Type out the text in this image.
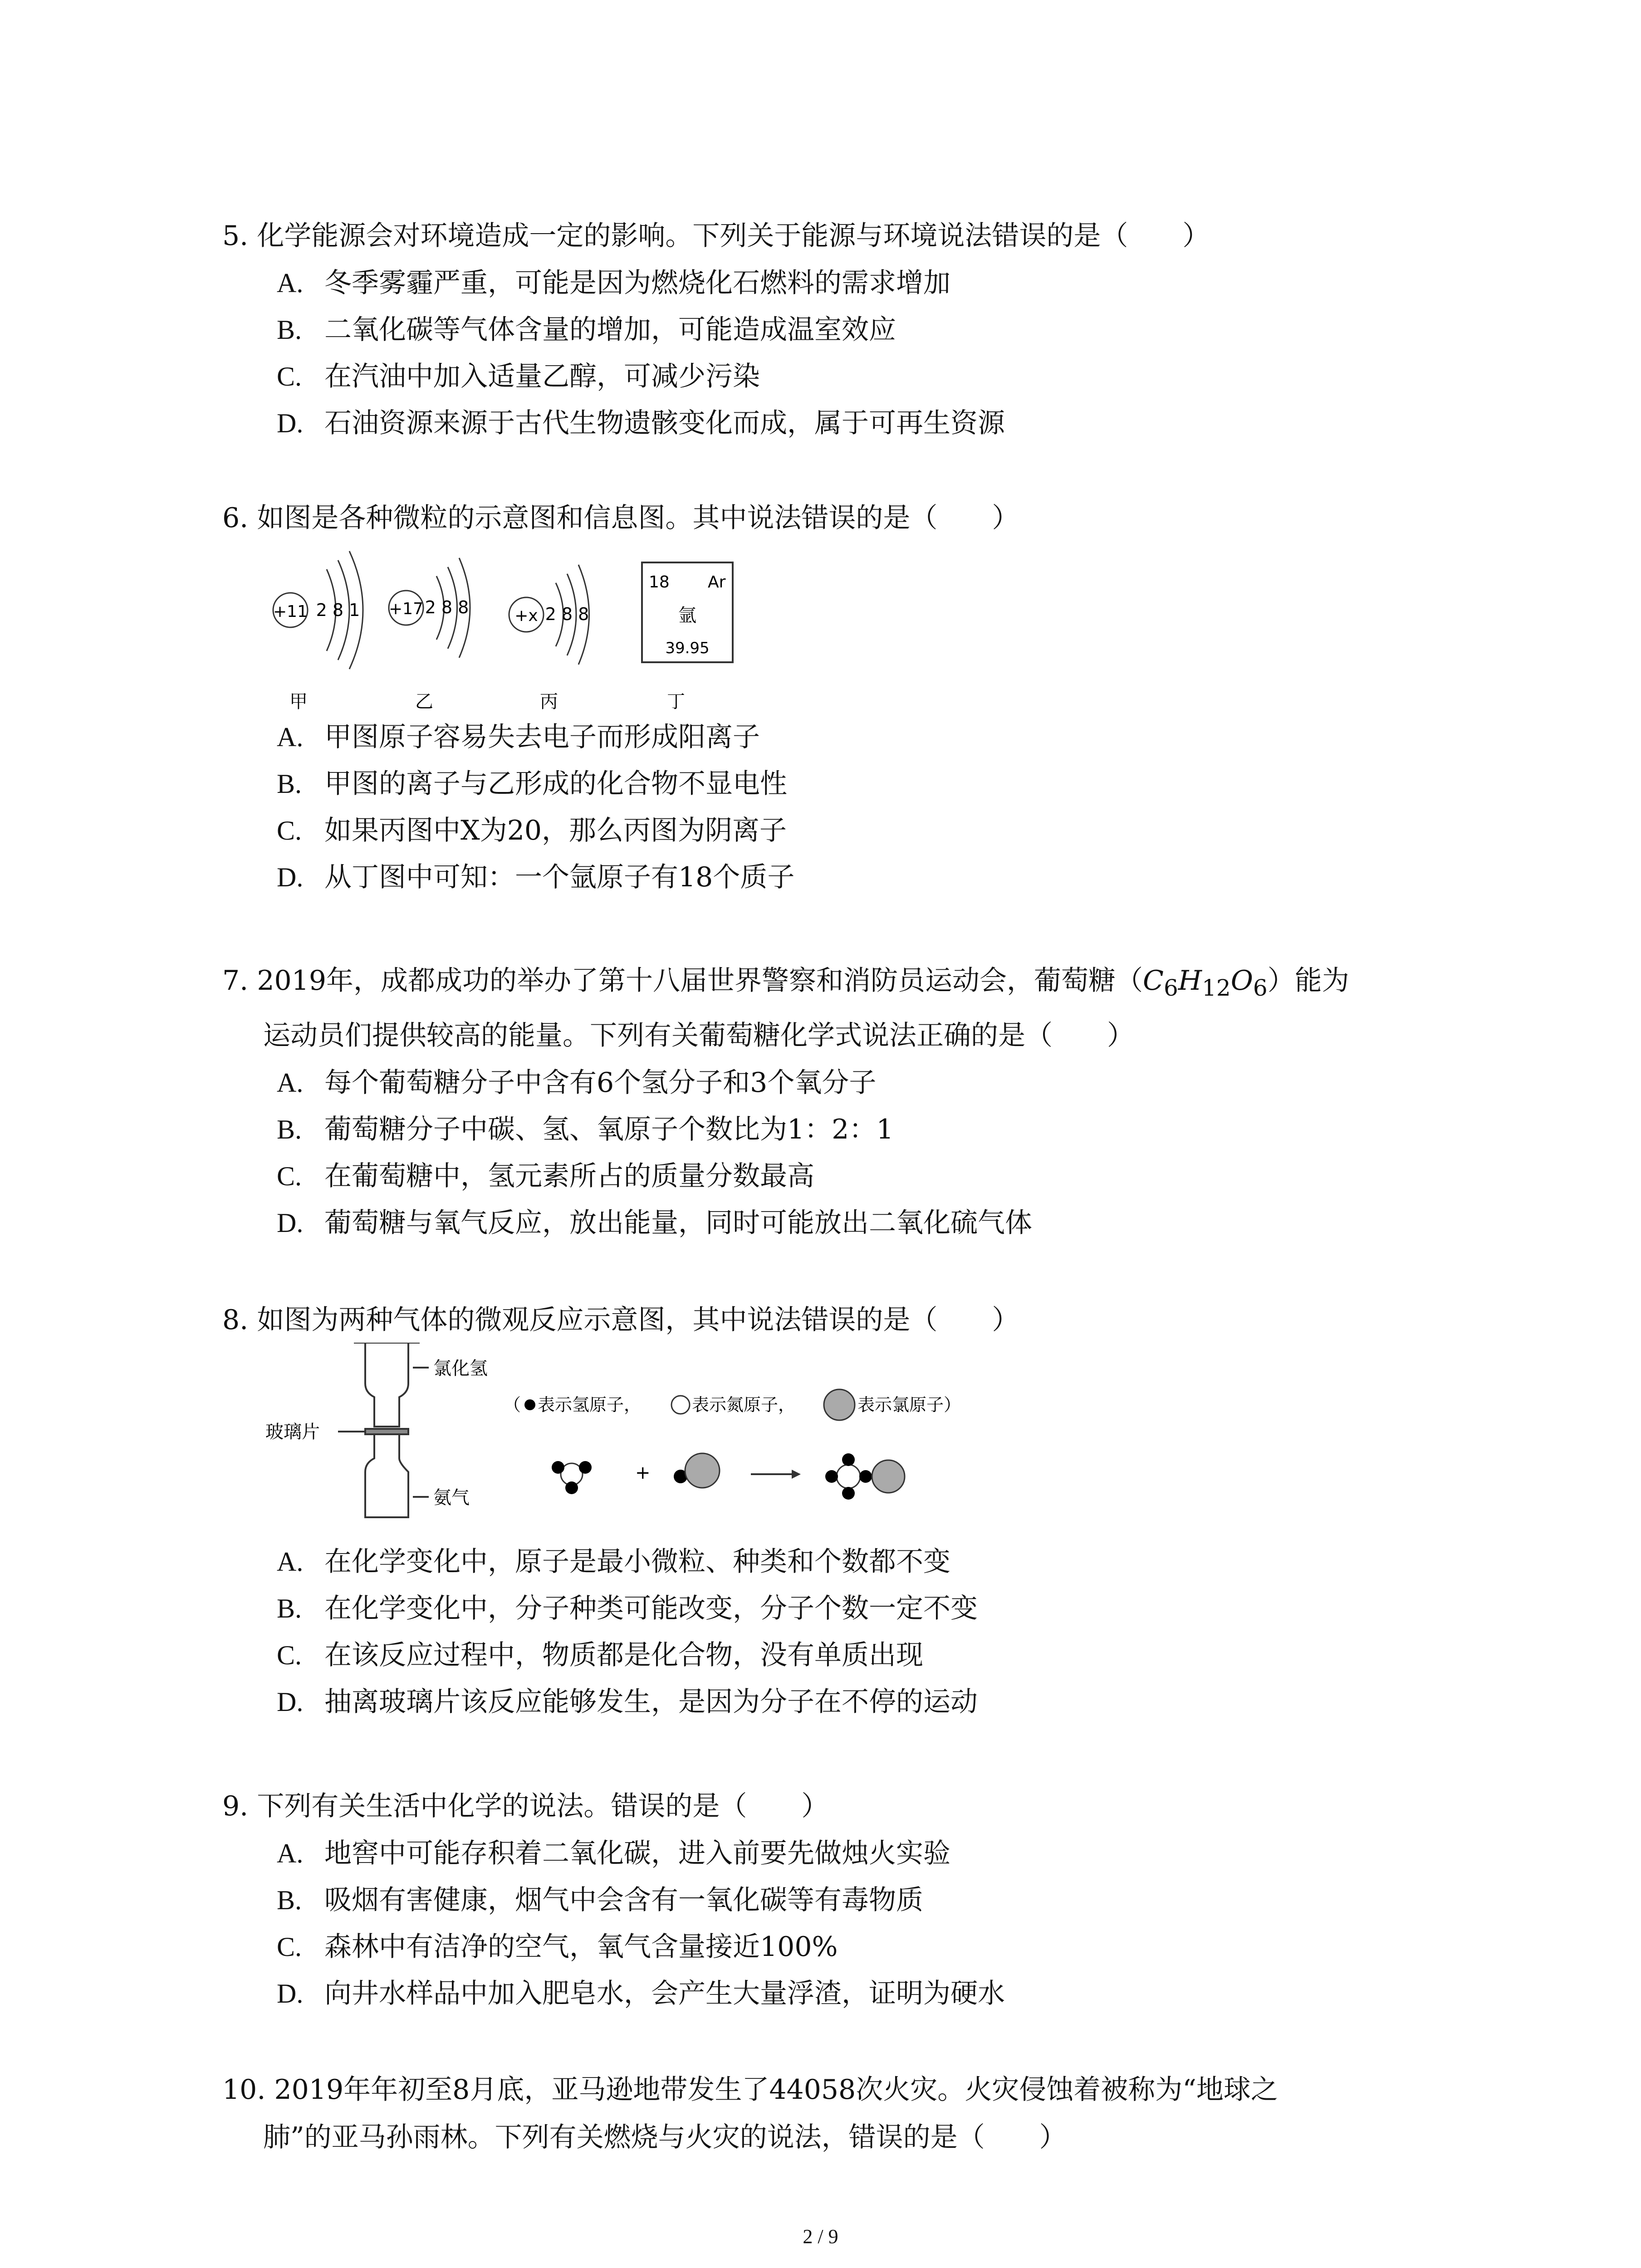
5. 化学能源会对环境造成一定的影响。下列关于能源与环境说法错误的是（　　）
A. 冬季雾霾严重，可能是因为燃烧化石燃料的需求增加
B. 二氧化碳等气体含量的增加，可能造成温室效应
C. 在汽油中加入适量乙醇，可减少污染
D. 石油资源来源于古代生物遗骸变化而成，属于可再生资源
6. 如图是各种微粒的示意图和信息图。其中说法错误的是（　　）
+11 2 8 1 +17 2 8 8	+x 2 8 8
18 Ar
氩
39.95
甲	乙	丙	丁
A. 甲图原子容易失去电子而形成阳离子
B. 甲图的离子与乙形成的化合物不显电性
C. 如果丙图中X为20，那么丙图为阴离子
D. 从丁图中可知：一个氩原子有18个质子
7. 2019年，成都成功的举办了第十八届世界警察和消防员运动会，葡萄糖$(C_6H_{12}O_6)$能为
运动员们提供较高的能量。下列有关葡萄糖化学式说法正确的是（　　）
A. 每个葡萄糖分子中含有6个氢分子和3个氧分子
B. 葡萄糖分子中碳、氢、氧原子个数比为1：2：1
C. 在葡萄糖中，氢元素所占的质量分数最高
D. 葡萄糖与氧气反应，放出能量，同时可能放出二氧化硫气体
8. 如图为两种气体的微观反应示意图，其中说法错误的是（　　）
氯化氢
玻璃片
氨气
（ 表示氢原子，	表示氮原子，	表示氯原子）
+
A. 在化学变化中，原子是最小微粒、种类和个数都不变
B. 在化学变化中，分子种类可能改变，分子个数一定不变
C. 在该反应过程中，物质都是化合物，没有单质出现
D. 抽离玻璃片该反应能够发生，是因为分子在不停的运动
9. 下列有关生活中化学的说法。错误的是（　　）
A. 地窖中可能存积着二氧化碳，进入前要先做烛火实验
B. 吸烟有害健康，烟气中会含有一氧化碳等有毒物质
C. 森林中有洁净的空气，氧气含量接近100%
D. 向井水样品中加入肥皂水，会产生大量浮渣，证明为硬水
10. 2019年年初至8月底，亚马逊地带发生了44058次火灾。火灾侵蚀着被称为“地球之
肺”的亚马孙雨林。下列有关燃烧与火灾的说法，错误的是（　　）
2 / 9
